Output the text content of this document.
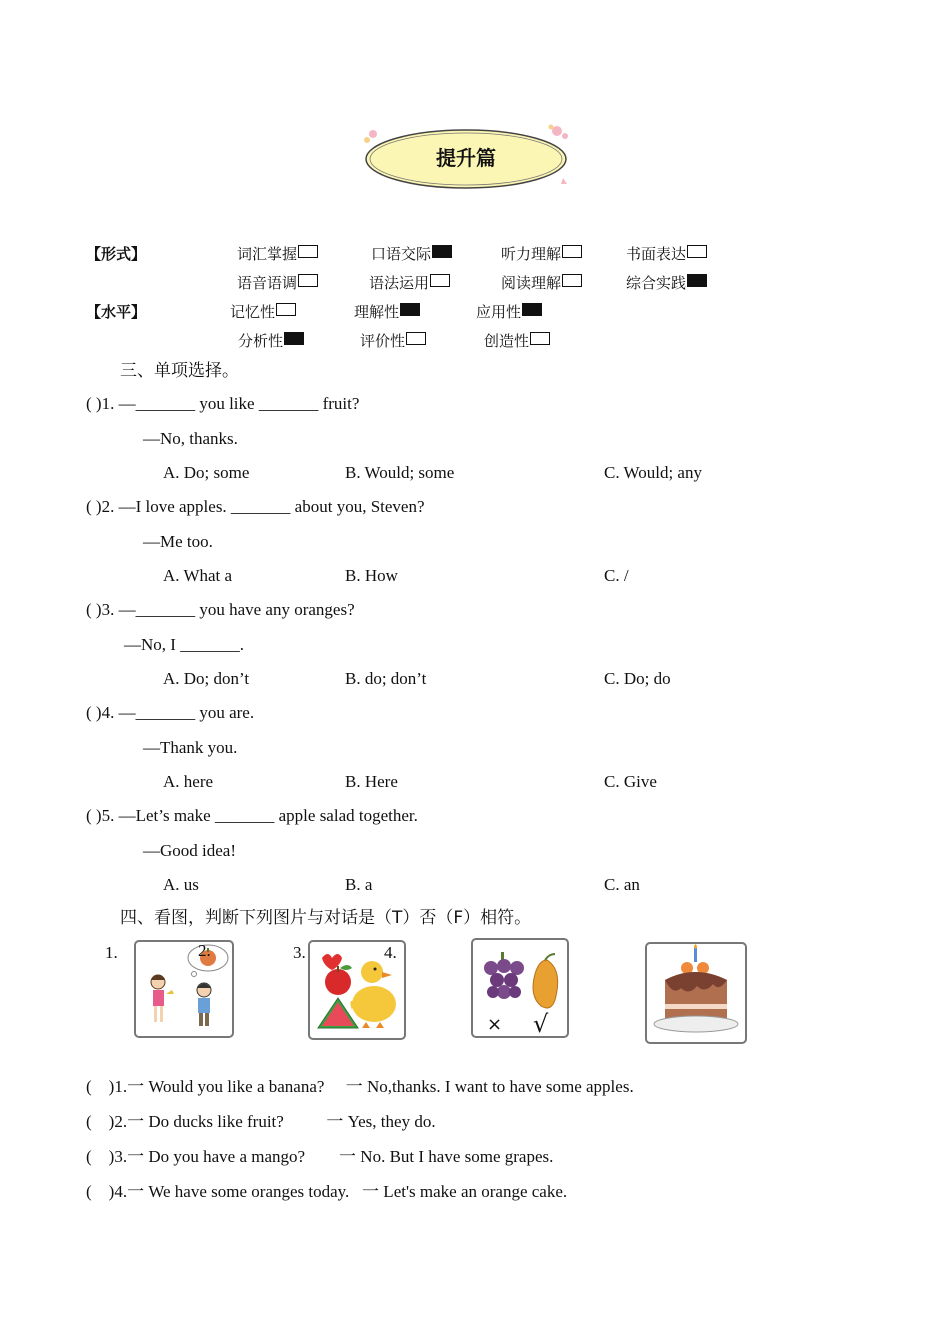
提升篇
【形式】	词汇掌握	口语交际	听力理解	书面表达
语音语调	语法运用	阅读理解	综合实践
【水平】	记忆性	理解性	应用性
分析性	评价性	创造性
三、单项选择。
( )1. —_______ you like _______ fruit?
—No, thanks.
A. Do; some	B. Would; some	C. Would; any
( )2. —I love apples. _______ about you, Steven?
—Me too.
A. What a	B. How	C. /
( )3. —_______ you have any oranges?
—No, I _______.
A. Do; don’t	B. do; don’t	C. Do; do
( )4. —_______ you are.
—Thank you.
A. here	B. Here	C. Give
( )5. —Let’s make _______ apple salad together.
—Good idea!
A. us	B. a	C. an
四、看图，判断下列图片与对话是（T）否（F）相符。
1.	3.
2.	4.
× √
(    )1.一 Would you like a banana?     一 No,thanks. I want to have some apples.
(    )2.一 Do ducks like fruit?          一 Yes, they do.
(    )3.一 Do you have a mango?        一 No. But I have some grapes.
(    )4.一 We have some oranges today.   一 Let's make an orange cake.
